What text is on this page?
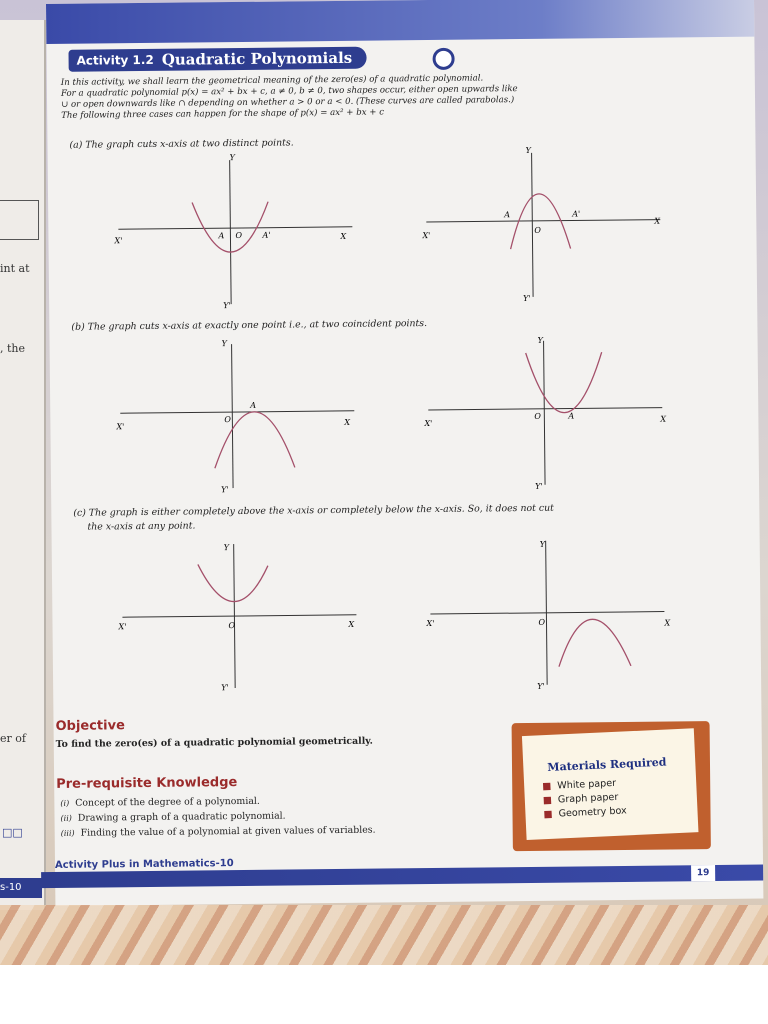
int at
, the
er of
□□
s-10
Activity 1.2 Quadratic Polynomials

In this activity, we shall learn the geometrical meaning of the zero(es) of a quadratic polynomial.

For a quadratic polynomial p(x) = ax² + bx + c, a ≠ 0, b ≠ 0, two shapes occur, either open upwards like

∪ or open downwards like ∩ depending on whether a > 0 or a < 0. (These curves are called parabolas.)

The following three cases can happen for the shape of p(x) = ax² + bx + c

(a) The graph cuts x-axis at two distinct points.
Y
Y'
X
X'
A O	A'
Y
Y'
X
X'
A
O
A'
(b) The graph cuts x-axis at exactly one point i.e., at two coincident points.
Y
Y'
X
X'
A
O
Y
Y'
X
X'
O	A
(c) The graph is either completely above the x-axis or completely below the x-axis. So, it does not cut
the x-axis at any point.
Y
Y'
X
X'	O
Y
Y'
X
X'	O
Objective
To find the zero(es) of a quadratic polynomial geometrically.
Pre-requisite Knowledge
(i) Concept of the degree of a polynomial.
(ii) Drawing a graph of a quadratic polynomial.
(iii) Finding the value of a polynomial at given values of variables.
Materials Required
■ White paper
■ Graph paper
■ Geometry box
Activity Plus in Mathematics-10
19
